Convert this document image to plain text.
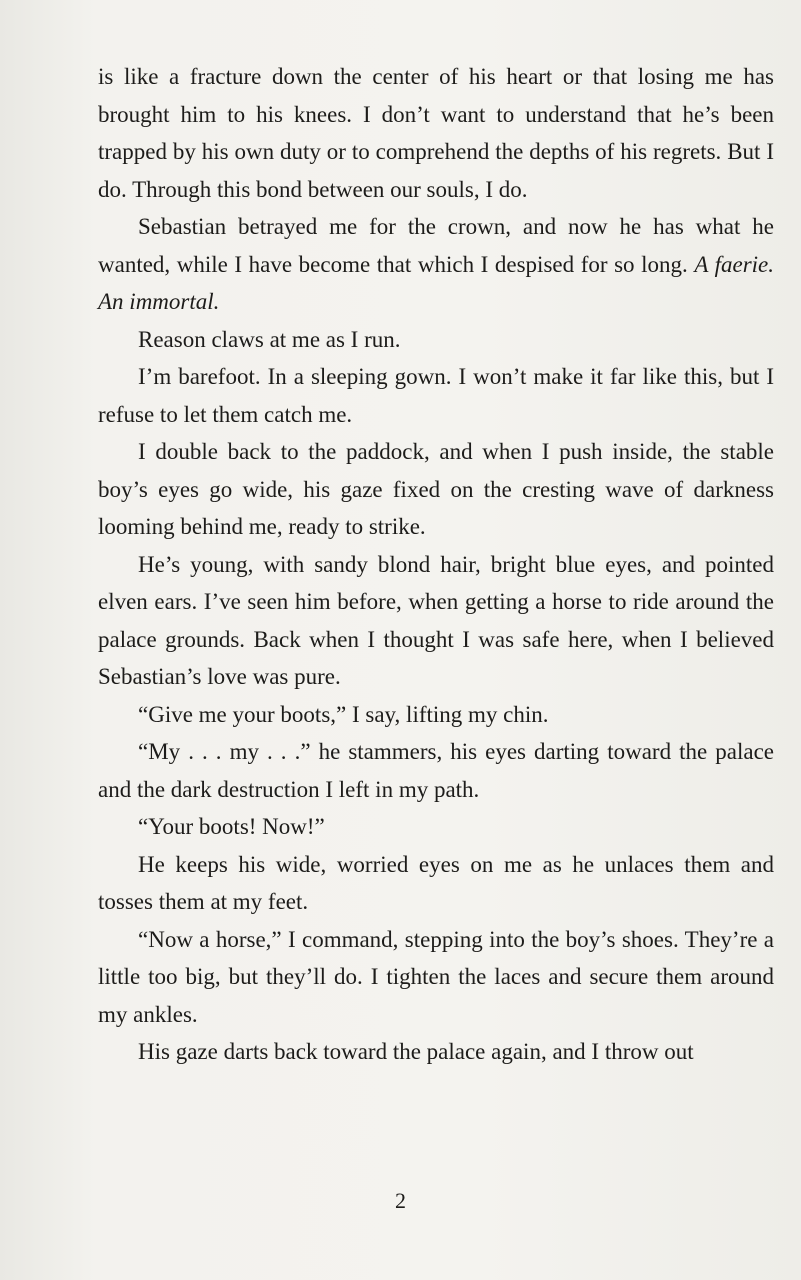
is like a fracture down the center of his heart or that losing me has brought him to his knees. I don’t want to understand that he’s been trapped by his own duty or to comprehend the depths of his regrets. But I do. Through this bond between our souls, I do.

Sebastian betrayed me for the crown, and now he has what he wanted, while I have become that which I despised for so long. A faerie. An immortal.

Reason claws at me as I run.

I’m barefoot. In a sleeping gown. I won’t make it far like this, but I refuse to let them catch me.

I double back to the paddock, and when I push inside, the stable boy’s eyes go wide, his gaze fixed on the cresting wave of darkness looming behind me, ready to strike.

He’s young, with sandy blond hair, bright blue eyes, and pointed elven ears. I’ve seen him before, when getting a horse to ride around the palace grounds. Back when I thought I was safe here, when I believed Sebastian’s love was pure.

“Give me your boots,” I say, lifting my chin.

“My . . . my . . .” he stammers, his eyes darting toward the palace and the dark destruction I left in my path.

“Your boots! Now!”

He keeps his wide, worried eyes on me as he unlaces them and tosses them at my feet.

“Now a horse,” I command, stepping into the boy’s shoes. They’re a little too big, but they’ll do. I tighten the laces and secure them around my ankles.

His gaze darts back toward the palace again, and I throw out

2
